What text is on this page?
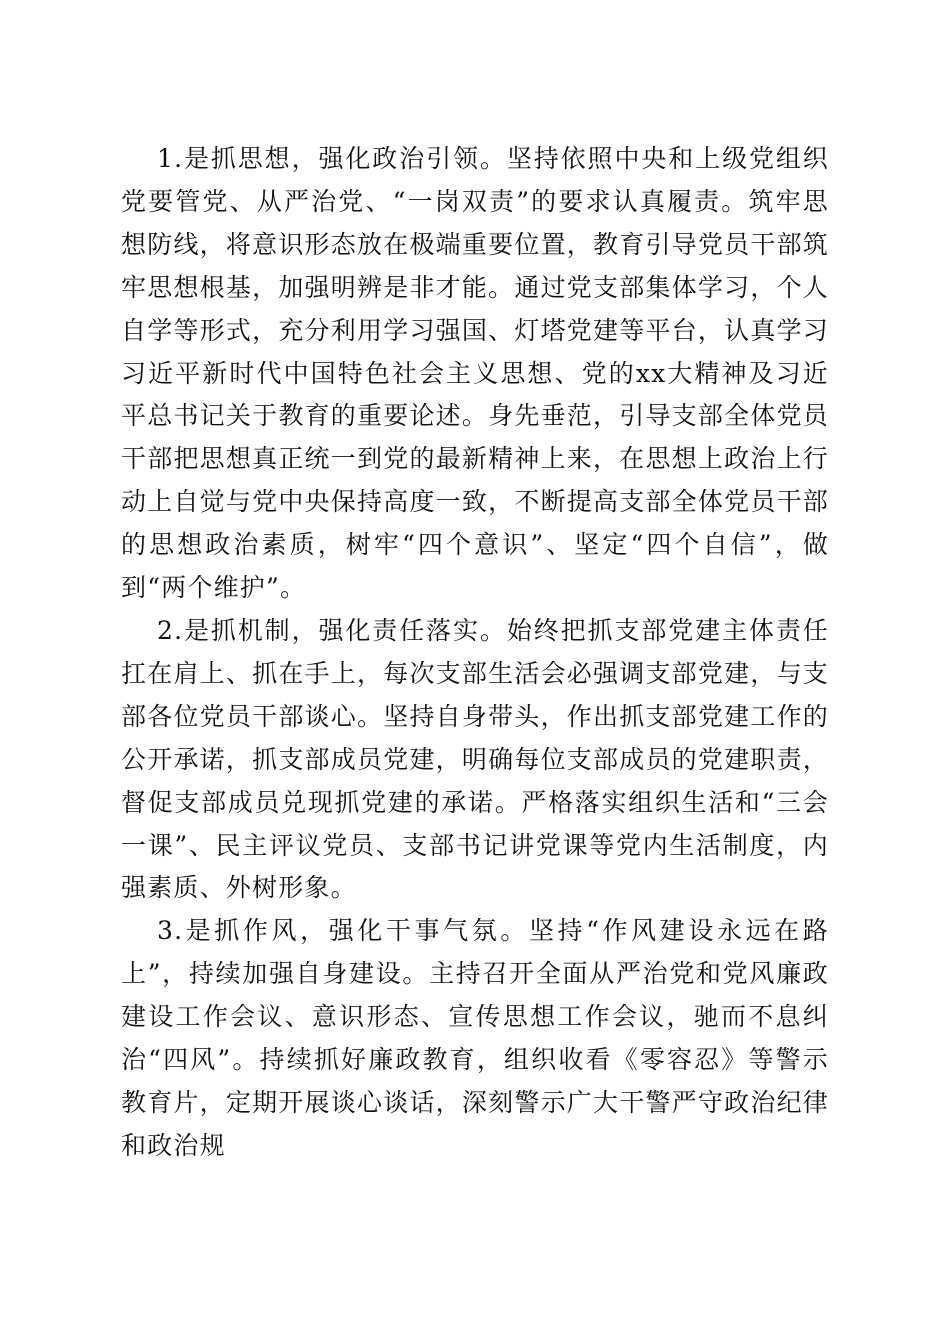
1.是抓思想，强化政治引领。坚持依照中央和上级党组织党要管党、从严治党、“一岗双责”的要求认真履责。筑牢思想防线，将意识形态放在极端重要位置，教育引导党员干部筑牢思想根基，加强明辨是非才能。通过党支部集体学习，个人自学等形式，充分利用学习强国、灯塔党建等平台，认真学习习近平新时代中国特色社会主义思想、党的xx大精神及习近平总书记关于教育的重要论述。身先垂范，引导支部全体党员干部把思想真正统一到党的最新精神上来，在思想上政治上行动上自觉与党中央保持高度一致，不断提高支部全体党员干部的思想政治素质，树牢“四个意识”、坚定“四个自信”，做到“两个维护”。

2.是抓机制，强化责任落实。始终把抓支部党建主体责任扛在肩上、抓在手上，每次支部生活会必强调支部党建，与支部各位党员干部谈心。坚持自身带头，作出抓支部党建工作的公开承诺，抓支部成员党建，明确每位支部成员的党建职责，督促支部成员兑现抓党建的承诺。严格落实组织生活和“三会一课”、民主评议党员、支部书记讲党课等党内生活制度，内强素质、外树形象。

3.是抓作风，强化干事气氛。坚持“作风建设永远在路上”，持续加强自身建设。主持召开全面从严治党和党风廉政建设工作会议、意识形态、宣传思想工作会议，驰而不息纠治“四风”。持续抓好廉政教育，组织收看《零容忍》等警示教育片，定期开展谈心谈话，深刻警示广大干警严守政治纪律和政治规
